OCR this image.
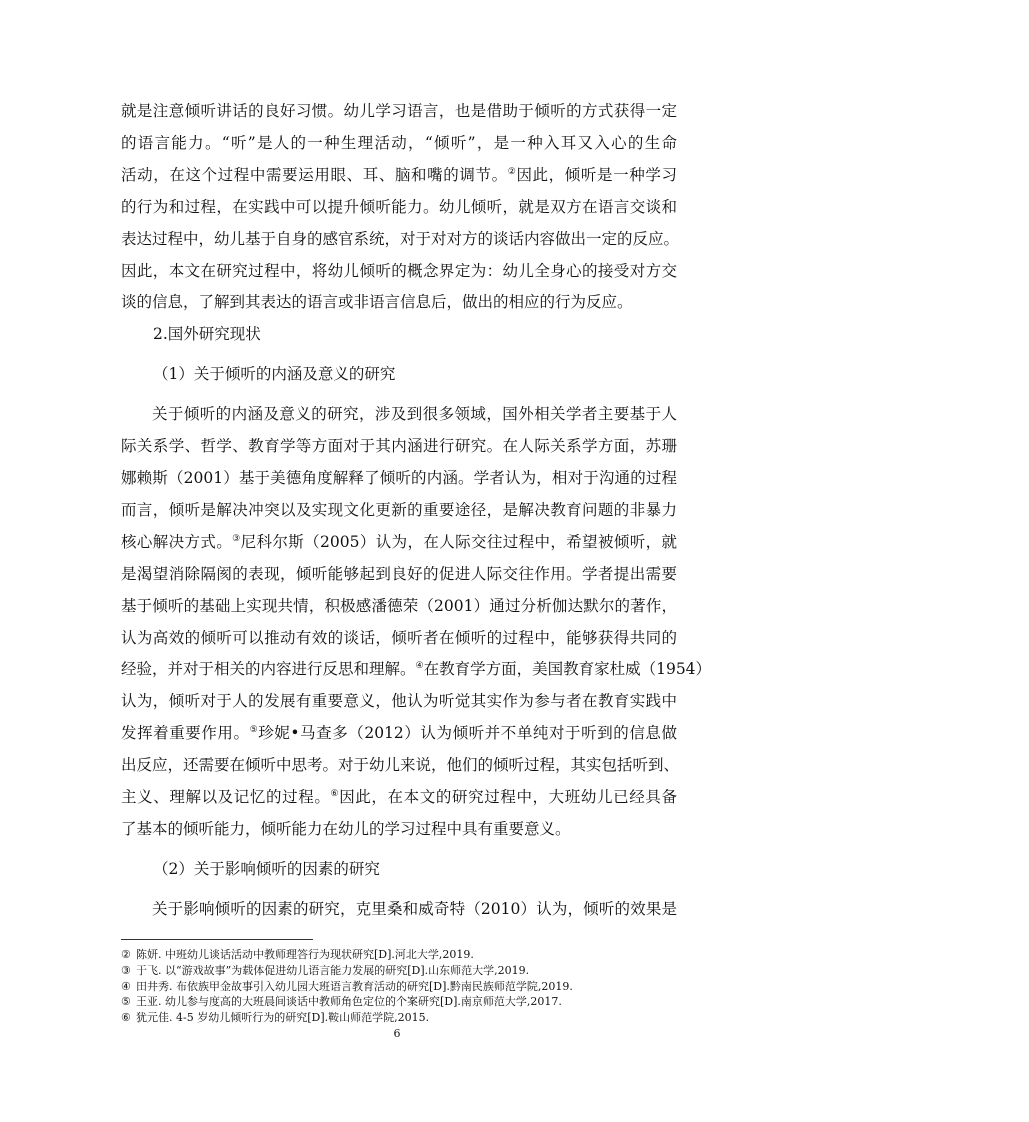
就是注意倾听讲话的良好习惯。幼儿学习语言，也是借助于倾听的方式获得一定
的语言能力。“听”是人的一种生理活动，“倾听”，是一种入耳又入心的生命
活动，在这个过程中需要运用眼、耳、脑和嘴的调节。②因此，倾听是一种学习
的行为和过程，在实践中可以提升倾听能力。幼儿倾听，就是双方在语言交谈和
表达过程中，幼儿基于自身的感官系统，对于对对方的谈话内容做出一定的反应。
因此，本文在研究过程中，将幼儿倾听的概念界定为：幼儿全身心的接受对方交
谈的信息，了解到其表达的语言或非语言信息后，做出的相应的行为反应。
2.国外研究现状
（1）关于倾听的内涵及意义的研究
关于倾听的内涵及意义的研究，涉及到很多领域，国外相关学者主要基于人
际关系学、哲学、教育学等方面对于其内涵进行研究。在人际关系学方面，苏珊
娜赖斯（2001）基于美德角度解释了倾听的内涵。学者认为，相对于沟通的过程
而言，倾听是解决冲突以及实现文化更新的重要途径，是解决教育问题的非暴力
核心解决方式。③尼科尔斯（2005）认为，在人际交往过程中，希望被倾听，就
是渴望消除隔阂的表现，倾听能够起到良好的促进人际交往作用。学者提出需要
基于倾听的基础上实现共情，积极感潘德荣（2001）通过分析伽达默尔的著作，
认为高效的倾听可以推动有效的谈话，倾听者在倾听的过程中，能够获得共同的
经验，并对于相关的内容进行反思和理解。④在教育学方面，美国教育家杜威（1954）
认为，倾听对于人的发展有重要意义，他认为听觉其实作为参与者在教育实践中
发挥着重要作用。⑤珍妮•马查多（2012）认为倾听并不单纯对于听到的信息做
出反应，还需要在倾听中思考。对于幼儿来说，他们的倾听过程，其实包括听到、
主义、理解以及记忆的过程。⑥因此，在本文的研究过程中，大班幼儿已经具备
了基本的倾听能力，倾听能力在幼儿的学习过程中具有重要意义。
（2）关于影响倾听的因素的研究
关于影响倾听的因素的研究，克里桑和威奇特（2010）认为，倾听的效果是
② 陈妍. 中班幼儿谈话活动中教师理答行为现状研究[D].河北大学,2019.
③ 于飞. 以“游戏故事”为载体促进幼儿语言能力发展的研究[D].山东师范大学,2019.
④ 田井秀. 布依族甲金故事引入幼儿园大班语言教育活动的研究[D].黔南民族师范学院,2019.
⑤ 王亚. 幼儿参与度高的大班晨间谈话中教师角色定位的个案研究[D].南京师范大学,2017.
⑥ 犹元佳. 4-5 岁幼儿倾听行为的研究[D].鞍山师范学院,2015.
6
